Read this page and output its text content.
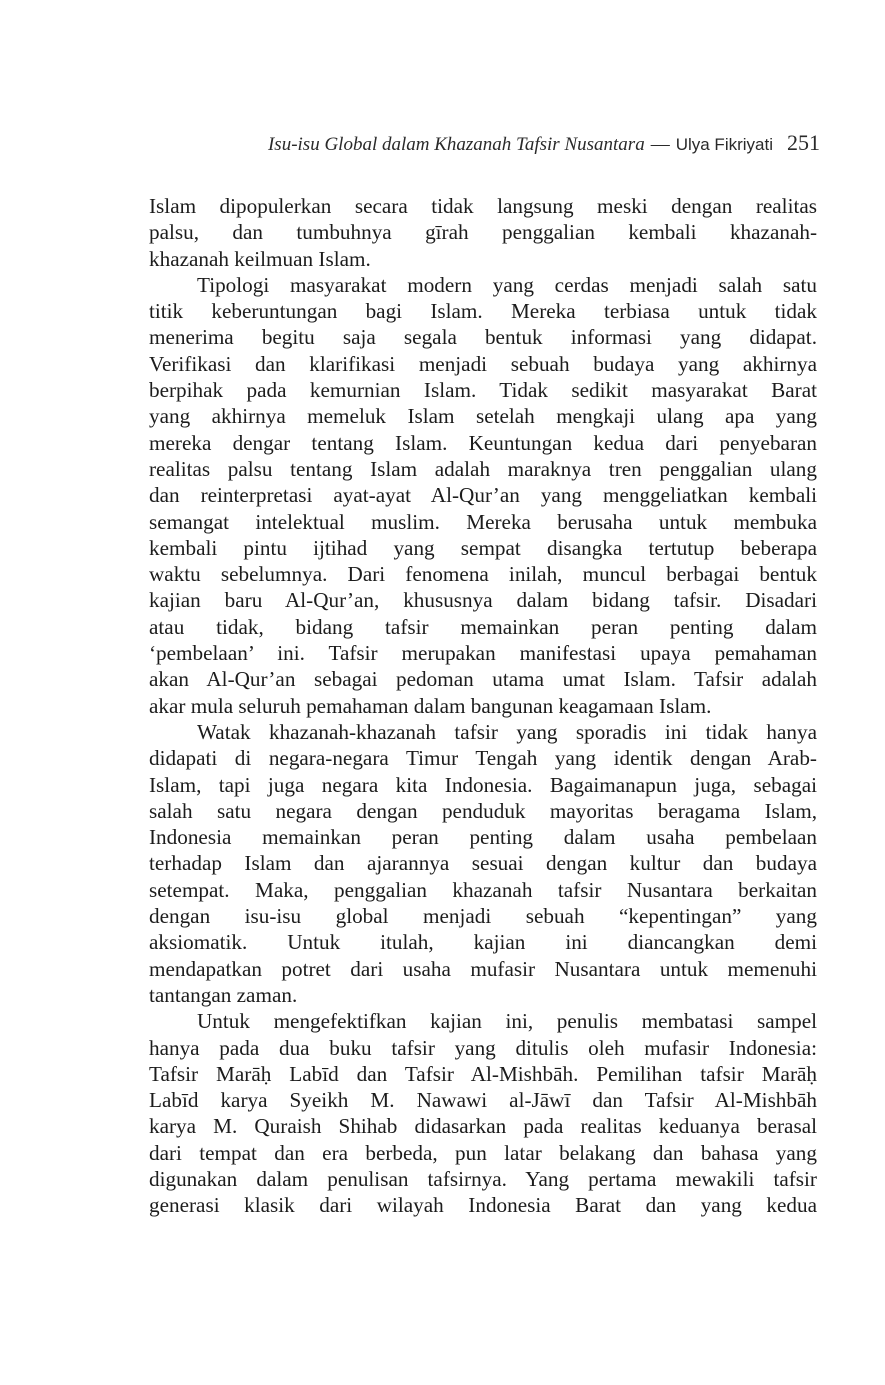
Isu-isu Global dalam Khazanah Tafsir Nusantara — Ulya Fikriyati 251
Islam dipopulerkan secara tidak langsung meski dengan realitas
palsu, dan tumbuhnya gīrah penggalian kembali khazanah-
khazanah keilmuan Islam.
Tipologi masyarakat modern yang cerdas menjadi salah satu
titik keberuntungan bagi Islam. Mereka terbiasa untuk tidak
menerima begitu saja segala bentuk informasi yang didapat.
Verifikasi dan klarifikasi menjadi sebuah budaya yang akhirnya
berpihak pada kemurnian Islam. Tidak sedikit masyarakat Barat
yang akhirnya memeluk Islam setelah mengkaji ulang apa yang
mereka dengar tentang Islam. Keuntungan kedua dari penyebaran
realitas palsu tentang Islam adalah maraknya tren penggalian ulang
dan reinterpretasi ayat-ayat Al-Qur’an yang menggeliatkan kembali
semangat intelektual muslim. Mereka berusaha untuk membuka
kembali pintu ijtihad yang sempat disangka tertutup beberapa
waktu sebelumnya. Dari fenomena inilah, muncul berbagai bentuk
kajian baru Al-Qur’an, khususnya dalam bidang tafsir. Disadari
atau tidak, bidang tafsir memainkan peran penting dalam
‘pembelaan’ ini. Tafsir merupakan manifestasi upaya pemahaman
akan Al-Qur’an sebagai pedoman utama umat Islam. Tafsir adalah
akar mula seluruh pemahaman dalam bangunan keagamaan Islam.
Watak khazanah-khazanah tafsir yang sporadis ini tidak hanya
didapati di negara-negara Timur Tengah yang identik dengan Arab-
Islam, tapi juga negara kita Indonesia. Bagaimanapun juga, sebagai
salah satu negara dengan penduduk mayoritas beragama Islam,
Indonesia memainkan peran penting dalam usaha pembelaan
terhadap Islam dan ajarannya sesuai dengan kultur dan budaya
setempat. Maka, penggalian khazanah tafsir Nusantara berkaitan
dengan isu-isu global menjadi sebuah “kepentingan” yang
aksiomatik. Untuk itulah, kajian ini diancangkan demi
mendapatkan potret dari usaha mufasir Nusantara untuk memenuhi
tantangan zaman.
Untuk mengefektifkan kajian ini, penulis membatasi sampel
hanya pada dua buku tafsir yang ditulis oleh mufasir Indonesia:
Tafsir Marāḥ Labīd dan Tafsir Al-Mishbāh. Pemilihan tafsir Marāḥ
Labīd karya Syeikh M. Nawawi al-Jāwī dan Tafsir Al-Mishbāh
karya M. Quraish Shihab didasarkan pada realitas keduanya berasal
dari tempat dan era berbeda, pun latar belakang dan bahasa yang
digunakan dalam penulisan tafsirnya. Yang pertama mewakili tafsir
generasi klasik dari wilayah Indonesia Barat dan yang kedua
